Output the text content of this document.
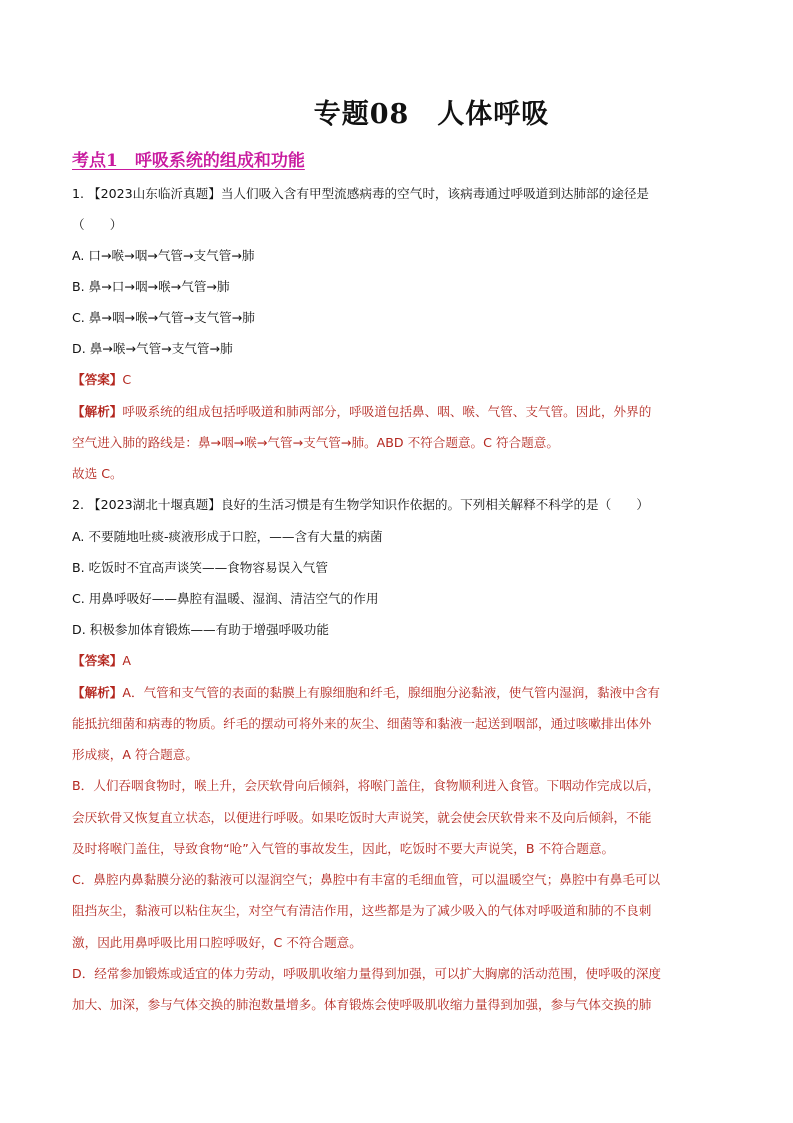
专题08　人体呼吸
考点1　呼吸系统的组成和功能
1. 【2023山东临沂真题】当人们吸入含有甲型流感病毒的空气时，该病毒通过呼吸道到达肺部的途径是
（　　）
A. 口→喉→咽→气管→支气管→肺
B. 鼻→口→咽→喉→气管→肺
C. 鼻→咽→喉→气管→支气管→肺
D. 鼻→喉→气管→支气管→肺
【答案】C
【解析】呼吸系统的组成包括呼吸道和肺两部分，呼吸道包括鼻、咽、喉、气管、支气管。因此，外界的
空气进入肺的路线是：鼻→咽→喉→气管→支气管→肺。ABD 不符合题意。C 符合题意。
故选 C。
2. 【2023湖北十堰真题】良好的生活习惯是有生物学知识作依据的。下列相关解释不科学的是（　　）
A. 不要随地吐痰-痰液形成于口腔，——含有大量的病菌
B. 吃饭时不宜高声谈笑——食物容易误入气管
C. 用鼻呼吸好——鼻腔有温暖、湿润、清洁空气的作用
D. 积极参加体育锻炼——有助于增强呼吸功能
【答案】A
【解析】A．气管和支气管的表面的黏膜上有腺细胞和纤毛，腺细胞分泌黏液，使气管内湿润，黏液中含有
能抵抗细菌和病毒的物质。纤毛的摆动可将外来的灰尘、细菌等和黏液一起送到咽部，通过咳嗽排出体外
形成痰，A 符合题意。
B．人们吞咽食物时，喉上升，会厌软骨向后倾斜，将喉门盖住，食物顺利进入食管。下咽动作完成以后，
会厌软骨又恢复直立状态，以便进行呼吸。如果吃饭时大声说笑，就会使会厌软骨来不及向后倾斜，不能
及时将喉门盖住，导致食物“呛”入气管的事故发生，因此，吃饭时不要大声说笑，B 不符合题意。
C．鼻腔内鼻黏膜分泌的黏液可以湿润空气；鼻腔中有丰富的毛细血管，可以温暖空气；鼻腔中有鼻毛可以
阻挡灰尘，黏液可以粘住灰尘，对空气有清洁作用，这些都是为了减少吸入的气体对呼吸道和肺的不良刺
激，因此用鼻呼吸比用口腔呼吸好，C 不符合题意。
D．经常参加锻炼或适宜的体力劳动，呼吸肌收缩力量得到加强，可以扩大胸廓的活动范围，使呼吸的深度
加大、加深，参与气体交换的肺泡数量增多。体育锻炼会使呼吸肌收缩力量得到加强，参与气体交换的肺
